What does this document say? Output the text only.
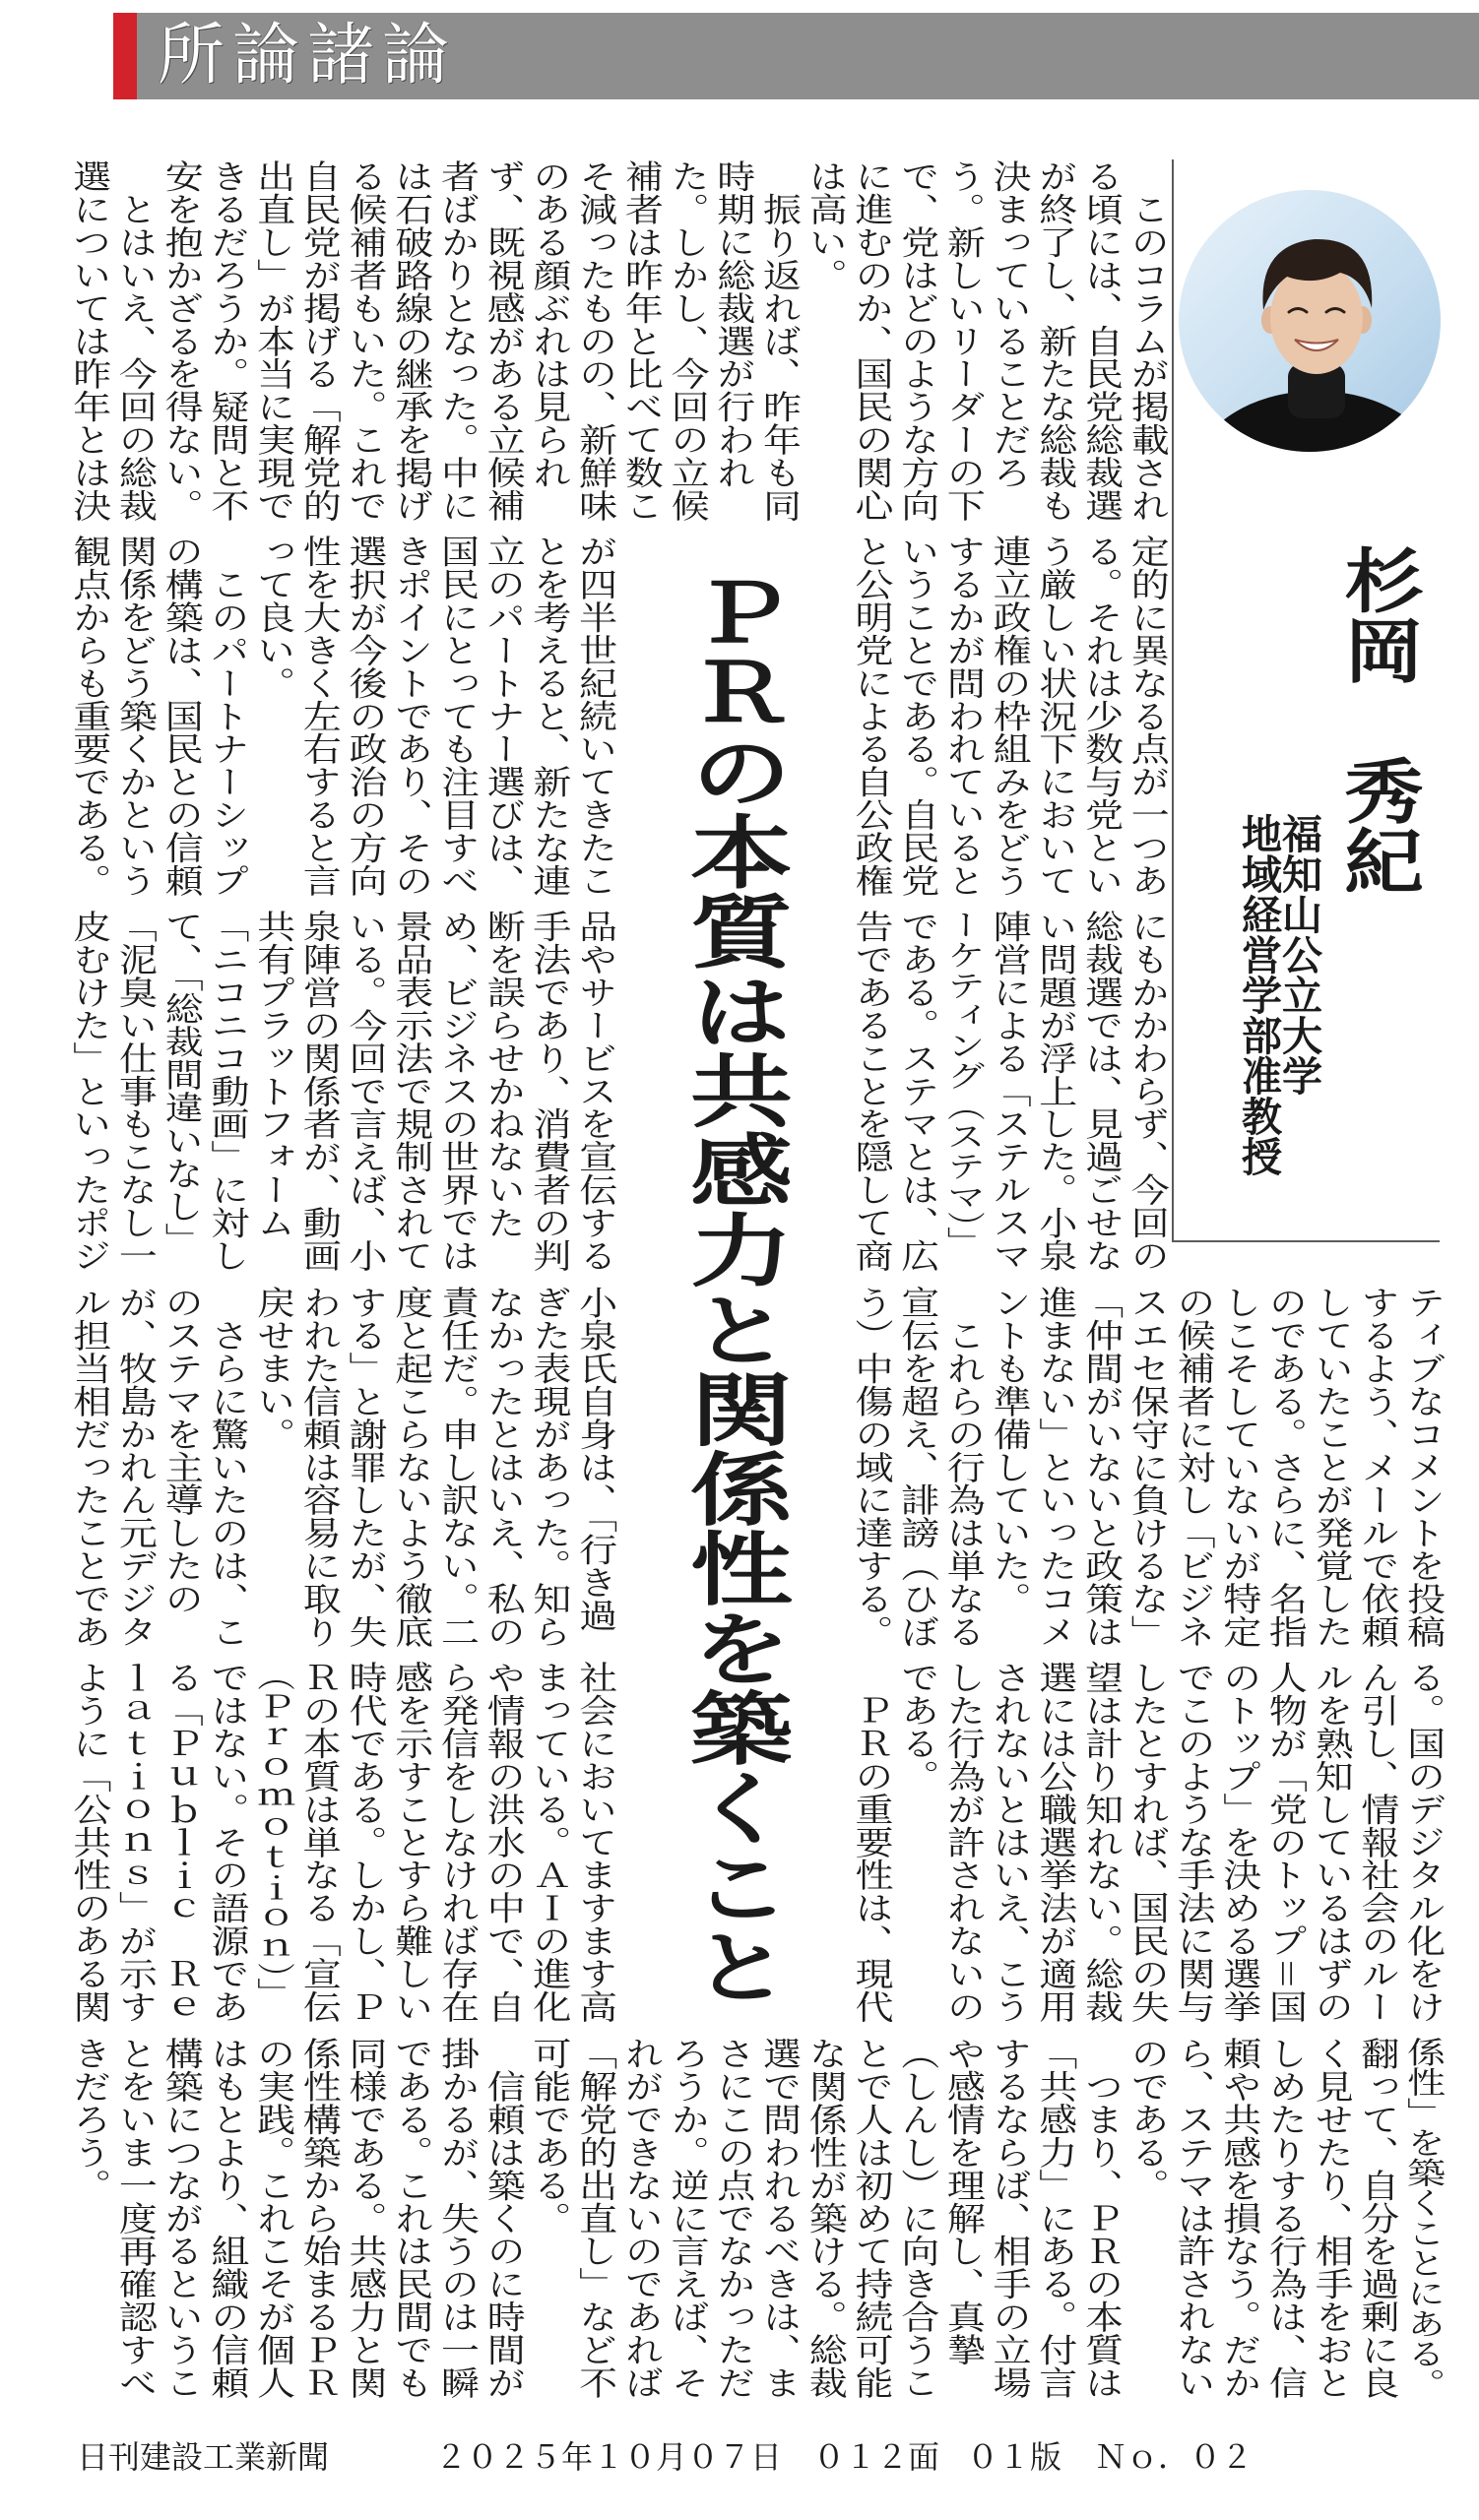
所論諸論
杉岡　秀紀
福知山公立大学
地域経営学部准教授
ＰＲの本質は共感力と関係性を築くこと
　このコラムが掲載され
る頃には、自民党総裁選
が終了し、新たな総裁も
決まっていることだろ
う。新しいリーダーの下
で、党はどのような方向
に進むのか、国民の関心
は高い。
　振り返れば、昨年も同
時期に総裁選が行われ
た。しかし、今回の立候
補者は昨年と比べて数こ
そ減ったものの、新鮮味
のある顔ぶれは見られ
ず、既視感がある立候補
者ばかりとなった。中に
は石破路線の継承を掲げ
る候補者もいた。これで
自民党が掲げる「解党的
出直し」が本当に実現で
きるだろうか。疑問と不
安を抱かざるを得ない。
　とはいえ、今回の総裁
選については昨年とは決
定的に異なる点が一つあ
る。それは少数与党とい
う厳しい状況下において
連立政権の枠組みをどう
するかが問われていると
いうことである。自民党
と公明党による自公政権
が四半世紀続いてきたこ
とを考えると、新たな連
立のパートナー選びは、
国民にとっても注目すべ
きポイントであり、その
選択が今後の政治の方向
性を大きく左右すると言
って良い。
　このパートナーシップ
の構築は、国民との信頼
関係をどう築くかという
観点からも重要である。
にもかかわらず、今回の
総裁選では、見過ごせな
い問題が浮上した。小泉
陣営による「ステルスマ
ーケティング（ステマ）」
である。ステマとは、広
告であることを隠して商
品やサービスを宣伝する
手法であり、消費者の判
断を誤らせかねないた
め、ビジネスの世界では
景品表示法で規制されて
いる。今回で言えば、小
泉陣営の関係者が、動画
共有プラットフォーム
「ニコニコ動画」に対し
て、「総裁間違いなし」
「泥臭い仕事もこなし一
皮むけた」といったポジ
ティブなコメントを投稿
するよう、メールで依頼
していたことが発覚した
のである。さらに、名指
しこそしていないが特定
の候補者に対し「ビジネ
スエセ保守に負けるな」
「仲間がいないと政策は
進まない」といったコメ
ントも準備していた。
　これらの行為は単なる
宣伝を超え、誹謗（ひぼ
う）中傷の域に達する。
小泉氏自身は、「行き過
ぎた表現があった。知ら
なかったとはいえ、私の
責任だ。申し訳ない。二
度と起こらないよう徹底
する」と謝罪したが、失
われた信頼は容易に取り
戻せまい。
　さらに驚いたのは、こ
のステマを主導したの
が、牧島かれん元デジタ
ル担当相だったことであ
る。国のデジタル化をけ
ん引し、情報社会のルー
ルを熟知しているはずの
人物が「党のトップ＝国
のトップ」を決める選挙
でこのような手法に関与
したとすれば、国民の失
望は計り知れない。総裁
選には公職選挙法が適用
されないとはいえ、こう
した行為が許されないの
である。
　ＰＲの重要性は、現代
社会においてますます高
まっている。ＡＩの進化
や情報の洪水の中で、自
ら発信をしなければ存在
感を示すことすら難しい
時代である。しかし、Ｐ
Ｒの本質は単なる「宣伝
（Ｐｒｏｍｏｔｉｏｎ）」
ではない。その語源であ
る「Ｐｕｂｌｉｃ　Ｒｅ
ｌａｔｉｏｎｓ」が示す
ように「公共性のある関
係性」を築くことにある。
翻って、自分を過剰に良
く見せたり、相手をおと
しめたりする行為は、信
頼や共感を損なう。だか
ら、ステマは許されない
のである。
　つまり、ＰＲの本質は
「共感力」にある。付言
するならば、相手の立場
や感情を理解し、真摯
（しんし）に向き合うこ
とで人は初めて持続可能
な関係性が築ける。総裁
選で問われるべきは、ま
さにこの点でなかっただ
ろうか。逆に言えば、そ
れができないのであれば
「解党的出直し」など不
可能である。
　信頼は築くのに時間が
掛かるが、失うのは一瞬
である。これは民間でも
同様である。共感力と関
係性構築から始まるＰＲ
の実践。これこそが個人
はもとより、組織の信頼
構築につながるというこ
とをいま一度再確認すべ
きだろう。
日刊建設工業新聞	２０２５年１０月０７日 ０１２面 ０１版 Ｎｏ．０２
